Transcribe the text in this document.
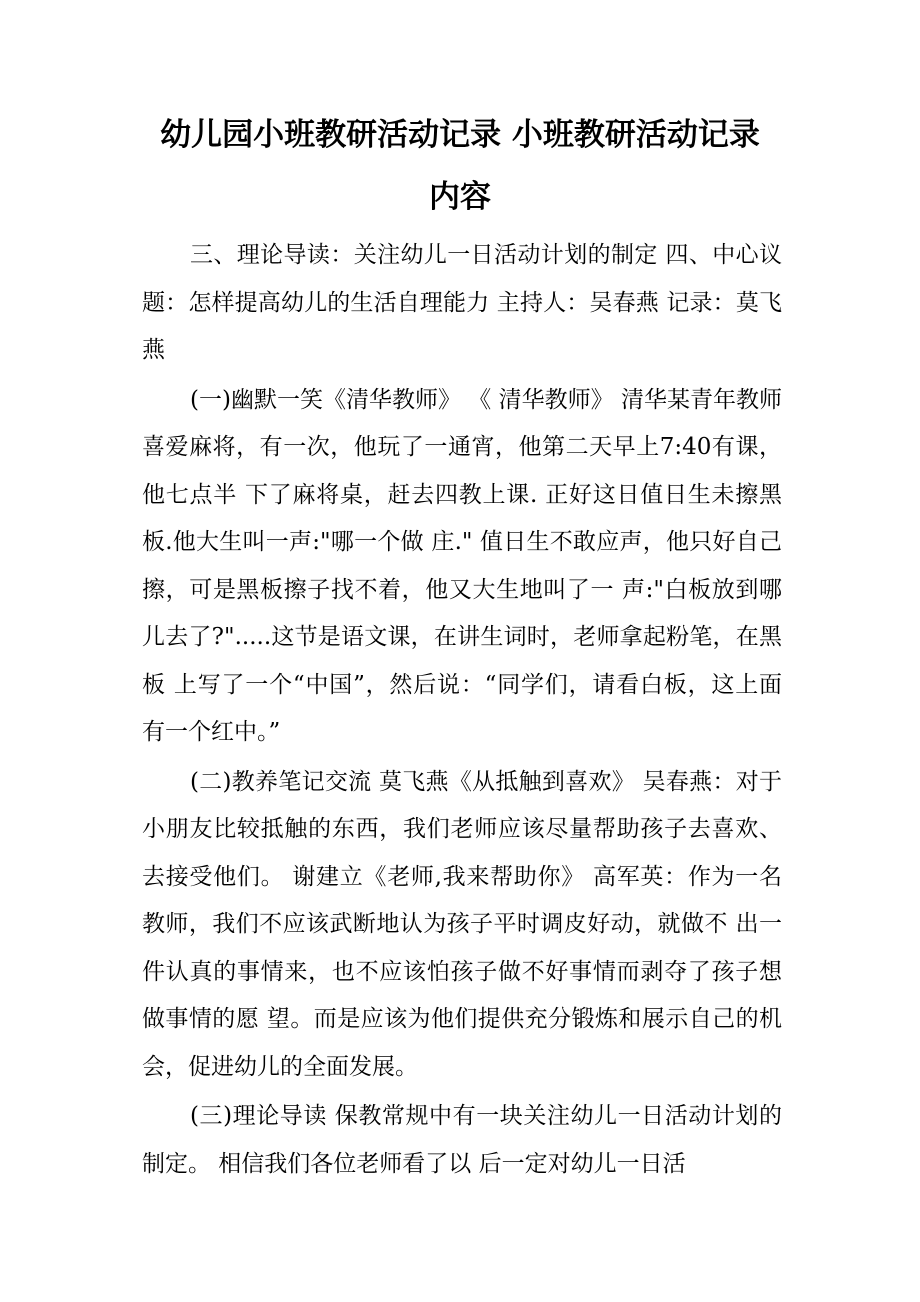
幼儿园小班教研活动记录 小班教研活动记录
内容

三、理论导读：关注幼儿一日活动计划的制定 四、中心议题：怎样提高幼儿的生活自理能力 主持人：吴春燕 记录：莫飞燕

(一)幽默一笑《清华教师》 《 清华教师》 清华某青年教师喜爱麻将，有一次，他玩了一通宵，他第二天早上7:40有课，他七点半 下了麻将桌，赶去四教上课. 正好这日值日生未擦黑板.他大生叫一声:"哪一个做 庄." 值日生不敢应声，他只好自己擦，可是黑板擦子找不着，他又大生地叫了一 声:"白板放到哪儿去了?".....这节是语文课，在讲生词时，老师拿起粉笔，在黑板 上写了一个“中国”，然后说：“同学们，请看白板，这上面有一个红中。”

(二)教养笔记交流 莫飞燕《从抵触到喜欢》 吴春燕：对于小朋友比较抵触的东西，我们老师应该尽量帮助孩子去喜欢、 去接受他们。 谢建立《老师,我来帮助你》 高军英：作为一名教师，我们不应该武断地认为孩子平时调皮好动，就做不 出一件认真的事情来，也不应该怕孩子做不好事情而剥夺了孩子想做事情的愿 望。而是应该为他们提供充分锻炼和展示自己的机会，促进幼儿的全面发展。

(三)理论导读 保教常规中有一块关注幼儿一日活动计划的制定。 相信我们各位老师看了以 后一定对幼儿一日活
